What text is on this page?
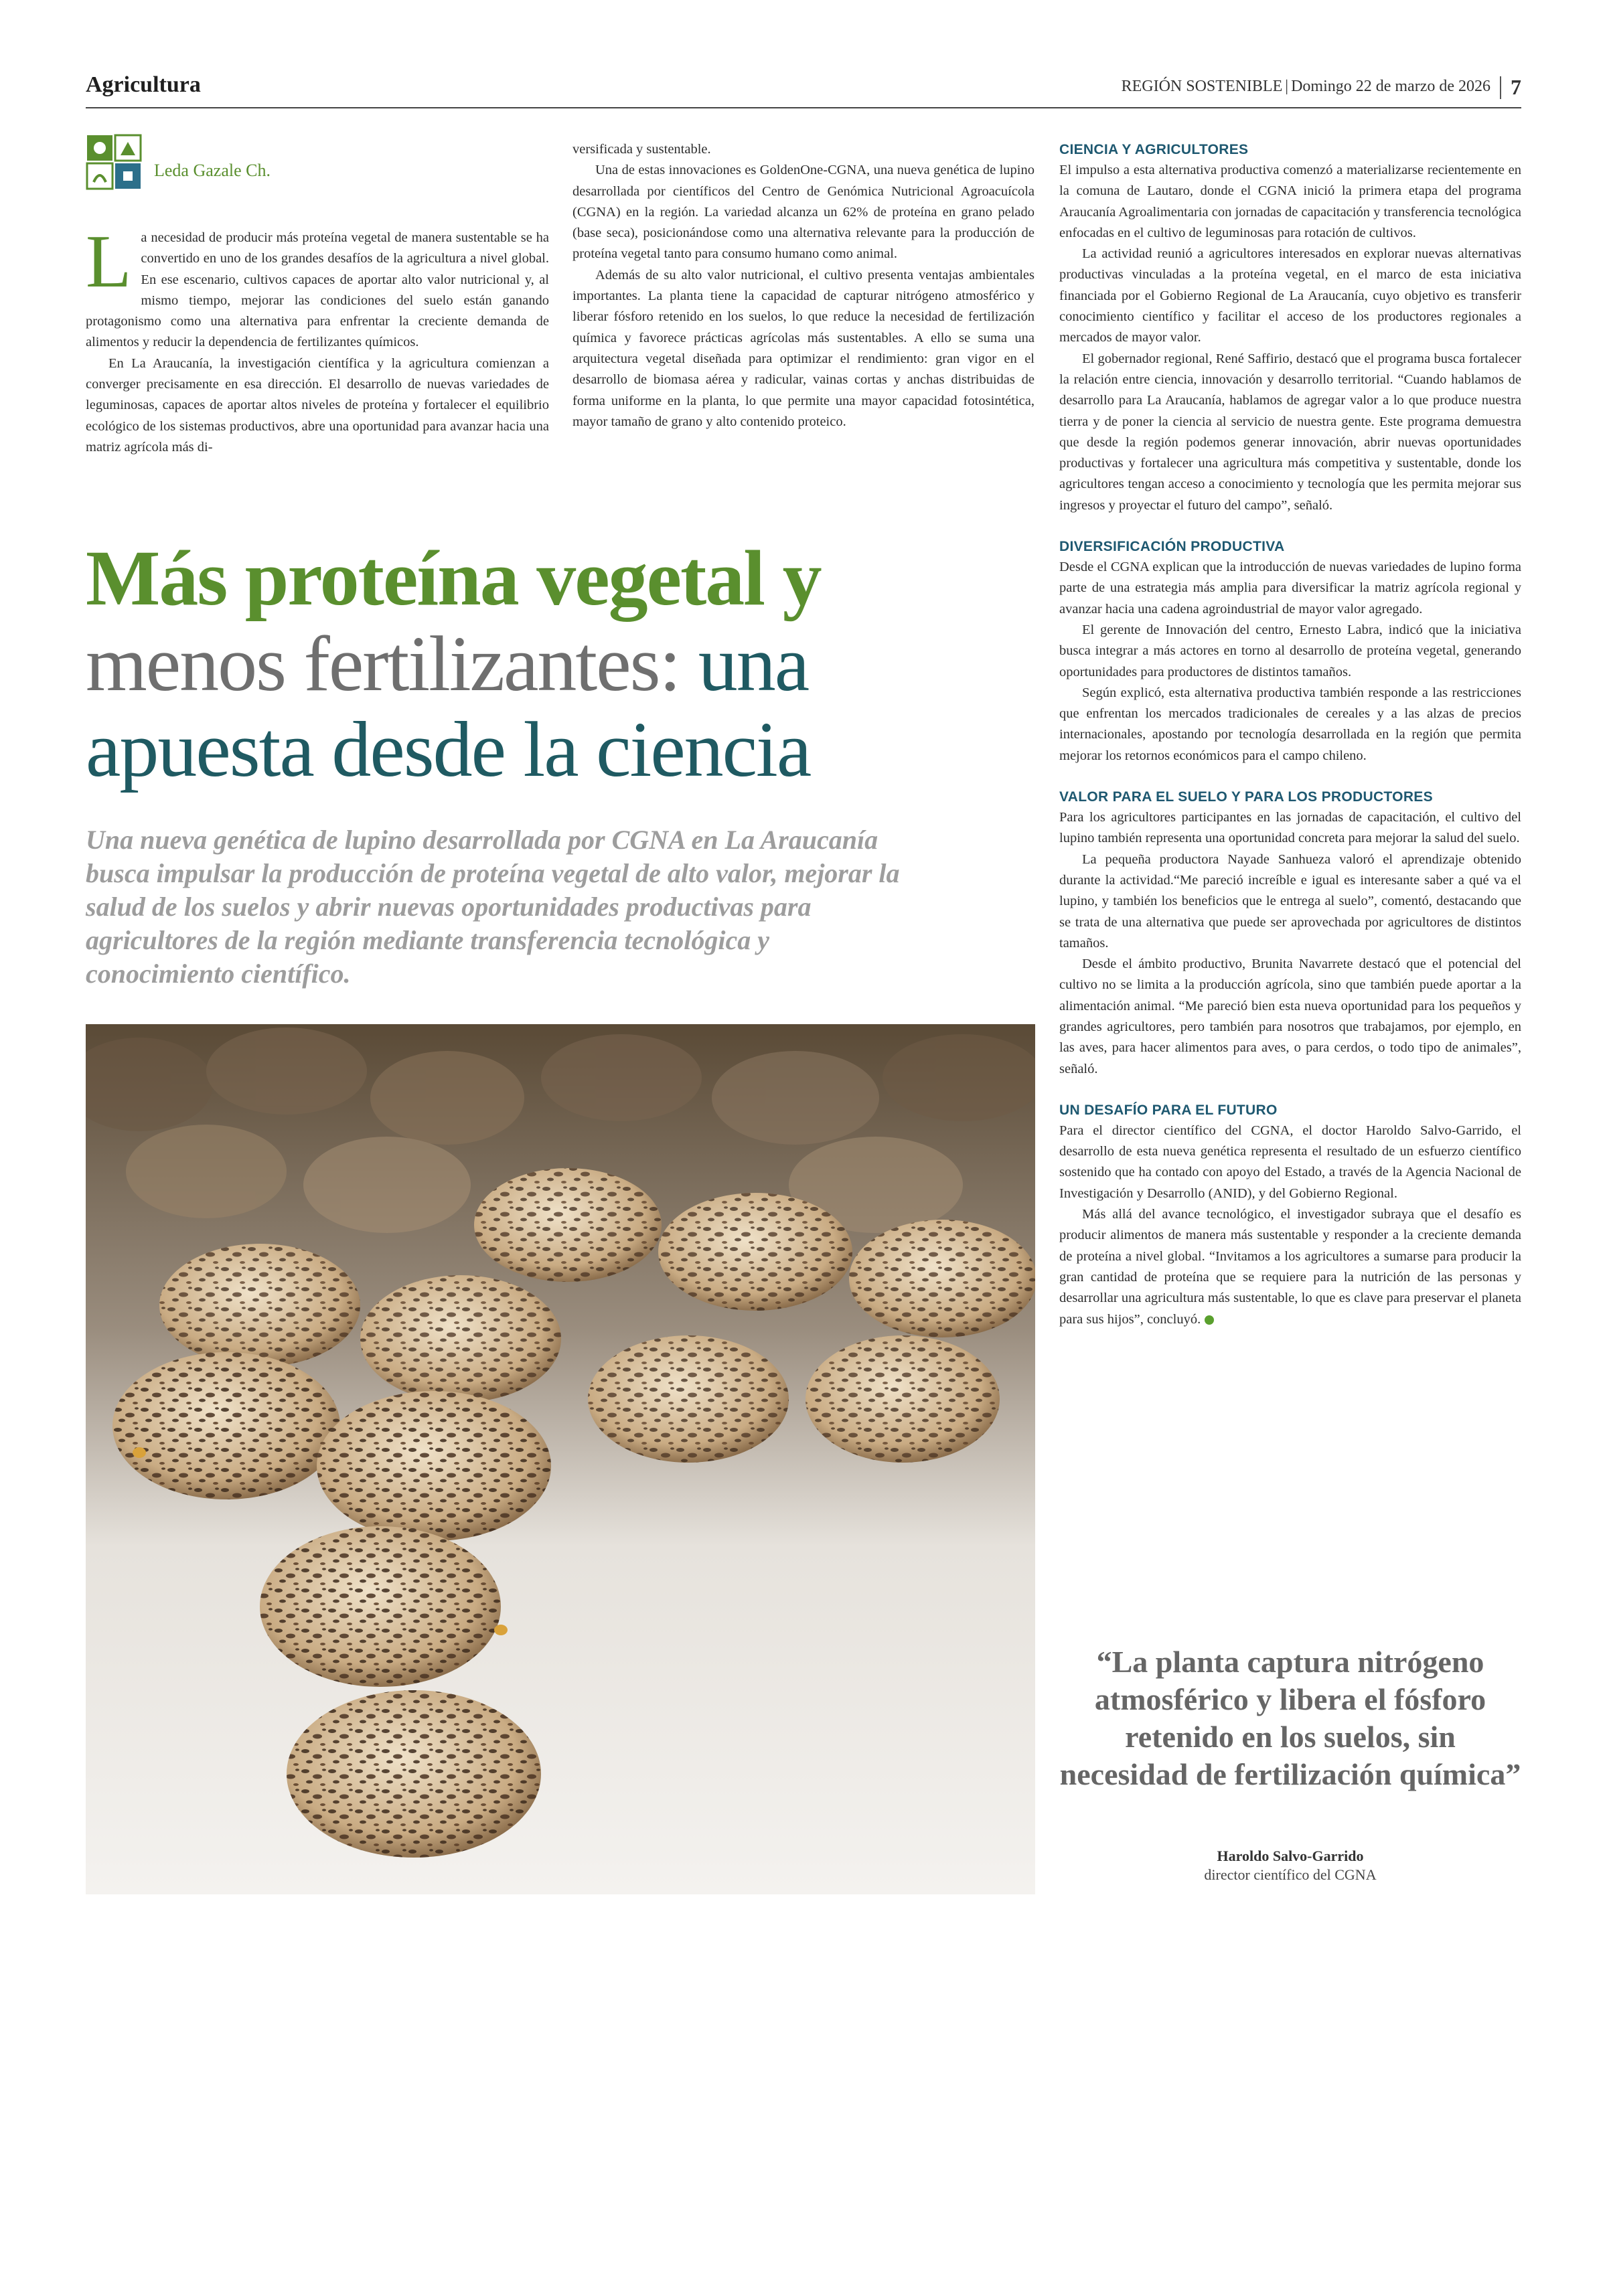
Agricultura	REGIÓN SOSTENIBLE | Domingo 22 de marzo de 2026 7
Leda Gazale Ch.

La necesidad de producir más proteína vegetal de manera sustentable se ha convertido en uno de los grandes desafíos de la agricultura a nivel global. En ese escenario, cultivos capaces de aportar alto valor nutricional y, al mismo tiempo, mejorar las condiciones del suelo están ganando protagonismo como una alternativa para enfrentar la creciente demanda de alimentos y reducir la dependencia de fertilizantes químicos.

En La Araucanía, la investigación científica y la agricultura comienzan a converger precisamente en esa dirección. El desarrollo de nuevas variedades de leguminosas, capaces de aportar altos niveles de proteína y fortalecer el equilibrio ecológico de los sistemas productivos, abre una oportunidad para avanzar hacia una matriz agrícola más di-

versificada y sustentable.

Una de estas innovaciones es GoldenOne-CGNA, una nueva genética de lupino desarrollada por científicos del Centro de Genómica Nutricional Agroacuícola (CGNA) en la región. La variedad alcanza un 62% de proteína en grano pelado (base seca), posicionándose como una alternativa relevante para la producción de proteína vegetal tanto para consumo humano como animal.

Además de su alto valor nutricional, el cultivo presenta ventajas ambientales importantes. La planta tiene la capacidad de capturar nitrógeno atmosférico y liberar fósforo retenido en los suelos, lo que reduce la necesidad de fertilización química y favorece prácticas agrícolas más sustentables. A ello se suma una arquitectura vegetal diseñada para optimizar el rendimiento: gran vigor en el desarrollo de biomasa aérea y radicular, vainas cortas y anchas distribuidas de forma uniforme en la planta, lo que permite una mayor capacidad fotosintética, mayor tamaño de grano y alto contenido proteico.

Más proteína vegetal y
menos fertilizantes: una
apuesta desde la ciencia
Una nueva genética de lupino desarrollada por CGNA en La Araucanía busca impulsar la producción de proteína vegetal de alto valor, mejorar la salud de los suelos y abrir nuevas oportunidades productivas para agricultores de la región mediante transferencia tecnológica y conocimiento científico.
CIENCIA Y AGRICULTORES

El impulso a esta alternativa productiva comenzó a materializarse recientemente en la comuna de Lautaro, donde el CGNA inició la primera etapa del programa Araucanía Agroalimentaria con jornadas de capacitación y transferencia tecnológica enfocadas en el cultivo de leguminosas para rotación de cultivos.

La actividad reunió a agricultores interesados en explorar nuevas alternativas productivas vinculadas a la proteína vegetal, en el marco de esta iniciativa financiada por el Gobierno Regional de La Araucanía, cuyo objetivo es transferir conocimiento científico y facilitar el acceso de los productores regionales a mercados de mayor valor.

El gobernador regional, René Saffirio, destacó que el programa busca fortalecer la relación entre ciencia, innovación y desarrollo territorial. “Cuando hablamos de desarrollo para La Araucanía, hablamos de agregar valor a lo que produce nuestra tierra y de poner la ciencia al servicio de nuestra gente. Este programa demuestra que desde la región podemos generar innovación, abrir nuevas oportunidades productivas y fortalecer una agricultura más competitiva y sustentable, donde los agricultores tengan acceso a conocimiento y tecnología que les permita mejorar sus ingresos y proyectar el futuro del campo”, señaló.

DIVERSIFICACIÓN PRODUCTIVA

Desde el CGNA explican que la introducción de nuevas variedades de lupino forma parte de una estrategia más amplia para diversificar la matriz agrícola regional y avanzar hacia una cadena agroindustrial de mayor valor agregado.

El gerente de Innovación del centro, Ernesto Labra, indicó que la iniciativa busca integrar a más actores en torno al desarrollo de proteína vegetal, generando oportunidades para productores de distintos tamaños.

Según explicó, esta alternativa productiva también responde a las restricciones que enfrentan los mercados tradicionales de cereales y a las alzas de precios internacionales, apostando por tecnología desarrollada en la región que permita mejorar los retornos económicos para el campo chileno.

VALOR PARA EL SUELO Y PARA LOS PRODUCTORES

Para los agricultores participantes en las jornadas de capacitación, el cultivo del lupino también representa una oportunidad concreta para mejorar la salud del suelo.

La pequeña productora Nayade Sanhueza valoró el aprendizaje obtenido durante la actividad.“Me pareció increíble e igual es interesante saber a qué va el lupino, y también los beneficios que le entrega al suelo”, comentó, destacando que se trata de una alternativa que puede ser aprovechada por agricultores de distintos tamaños.

Desde el ámbito productivo, Brunita Navarrete destacó que el potencial del cultivo no se limita a la producción agrícola, sino que también puede aportar a la alimentación animal. “Me pareció bien esta nueva oportunidad para los pequeños y grandes agricultores, pero también para nosotros que trabajamos, por ejemplo, en las aves, para hacer alimentos para aves, o para cerdos, o todo tipo de animales”, señaló.

UN DESAFÍO PARA EL FUTURO

Para el director científico del CGNA, el doctor Haroldo Salvo-Garrido, el desarrollo de esta nueva genética representa el resultado de un esfuerzo científico sostenido que ha contado con apoyo del Estado, a través de la Agencia Nacional de Investigación y Desarrollo (ANID), y del Gobierno Regional.

Más allá del avance tecnológico, el investigador subraya que el desafío es producir alimentos de manera más sustentable y responder a la creciente demanda de proteína a nivel global. “Invitamos a los agricultores a sumarse para producir la gran cantidad de proteína que se requiere para la nutrición de las personas y desarrollar una agricultura más sustentable, lo que es clave para preservar el planeta para sus hijos”, concluyó.

“La planta captura nitrógeno atmosférico y libera el fósforo retenido en los suelos, sin necesidad de fertilización química”
Haroldo Salvo-Garrido
director científico del CGNA
